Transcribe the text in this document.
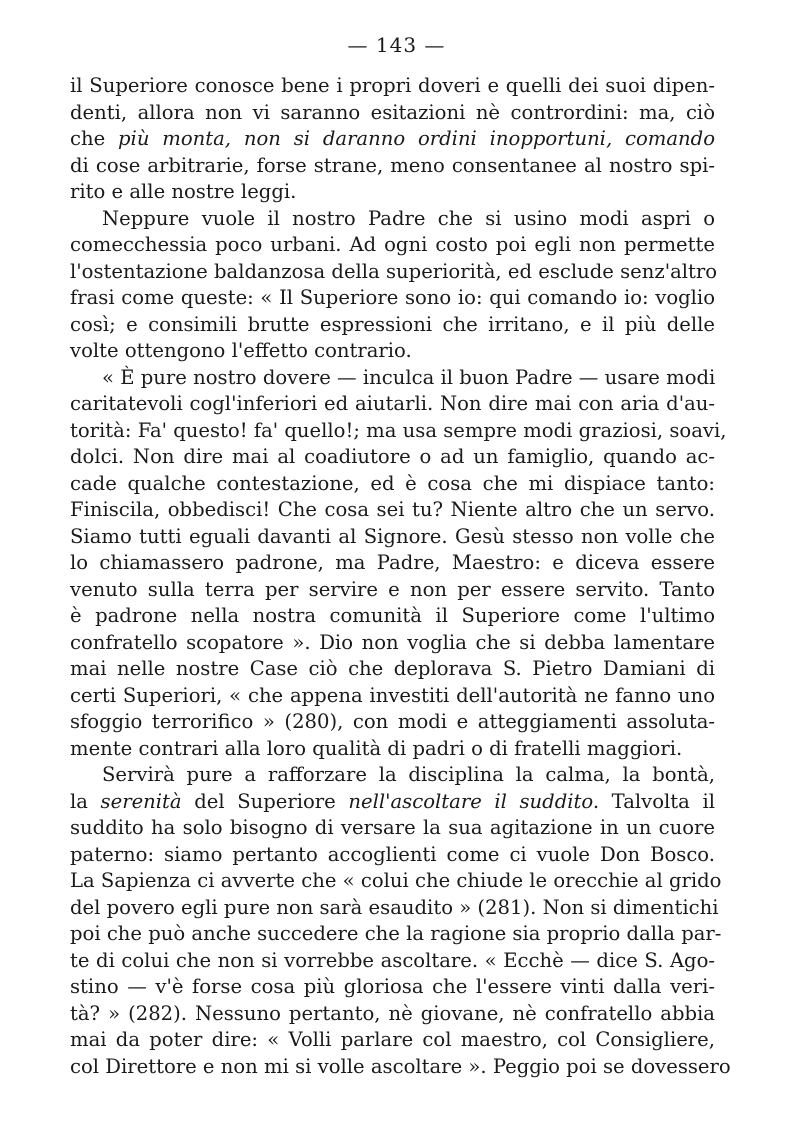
— 143 —
il Superiore conosce bene i propri doveri e quelli dei suoi dipen-
denti, allora non vi saranno esitazioni nè contrordini: ma, ciò
che più monta, non si daranno ordini inopportuni, comando
di cose arbitrarie, forse strane, meno consentanee al nostro spi-
rito e alle nostre leggi.
Neppure vuole il nostro Padre che si usino modi aspri o
comecchessia poco urbani. Ad ogni costo poi egli non permette
l'ostentazione baldanzosa della superiorità, ed esclude senz'altro
frasi come queste: « Il Superiore sono io: qui comando io: voglio
così; e consimili brutte espressioni che irritano, e il più delle
volte ottengono l'effetto contrario.
« È pure nostro dovere — inculca il buon Padre — usare modi
caritatevoli cogl'inferiori ed aiutarli. Non dire mai con aria d'au-
torità: Fa' questo! fa' quello!; ma usa sempre modi graziosi, soavi,
dolci. Non dire mai al coadiutore o ad un famiglio, quando ac-
cade qualche contestazione, ed è cosa che mi dispiace tanto:
Finiscila, obbedisci! Che cosa sei tu? Niente altro che un servo.
Siamo tutti eguali davanti al Signore. Gesù stesso non volle che
lo chiamassero padrone, ma Padre, Maestro: e diceva essere
venuto sulla terra per servire e non per essere servito. Tanto
è padrone nella nostra comunità il Superiore come l'ultimo
confratello scopatore ». Dio non voglia che si debba lamentare
mai nelle nostre Case ciò che deplorava S. Pietro Damiani di
certi Superiori, « che appena investiti dell'autorità ne fanno uno
sfoggio terrorifico » (280), con modi e atteggiamenti assoluta-
mente contrari alla loro qualità di padri o di fratelli maggiori.
Servirà pure a rafforzare la disciplina la calma, la bontà,
la serenità del Superiore nell'ascoltare il suddito. Talvolta il
suddito ha solo bisogno di versare la sua agitazione in un cuore
paterno: siamo pertanto accoglienti come ci vuole Don Bosco.
La Sapienza ci avverte che « colui che chiude le orecchie al grido
del povero egli pure non sarà esaudito » (281). Non si dimentichi
poi che può anche succedere che la ragione sia proprio dalla par-
te di colui che non si vorrebbe ascoltare. « Ecchè — dice S. Ago-
stino — v'è forse cosa più gloriosa che l'essere vinti dalla veri-
tà? » (282). Nessuno pertanto, nè giovane, nè confratello abbia
mai da poter dire: « Volli parlare col maestro, col Consigliere,
col Direttore e non mi si volle ascoltare ». Peggio poi se dovessero
